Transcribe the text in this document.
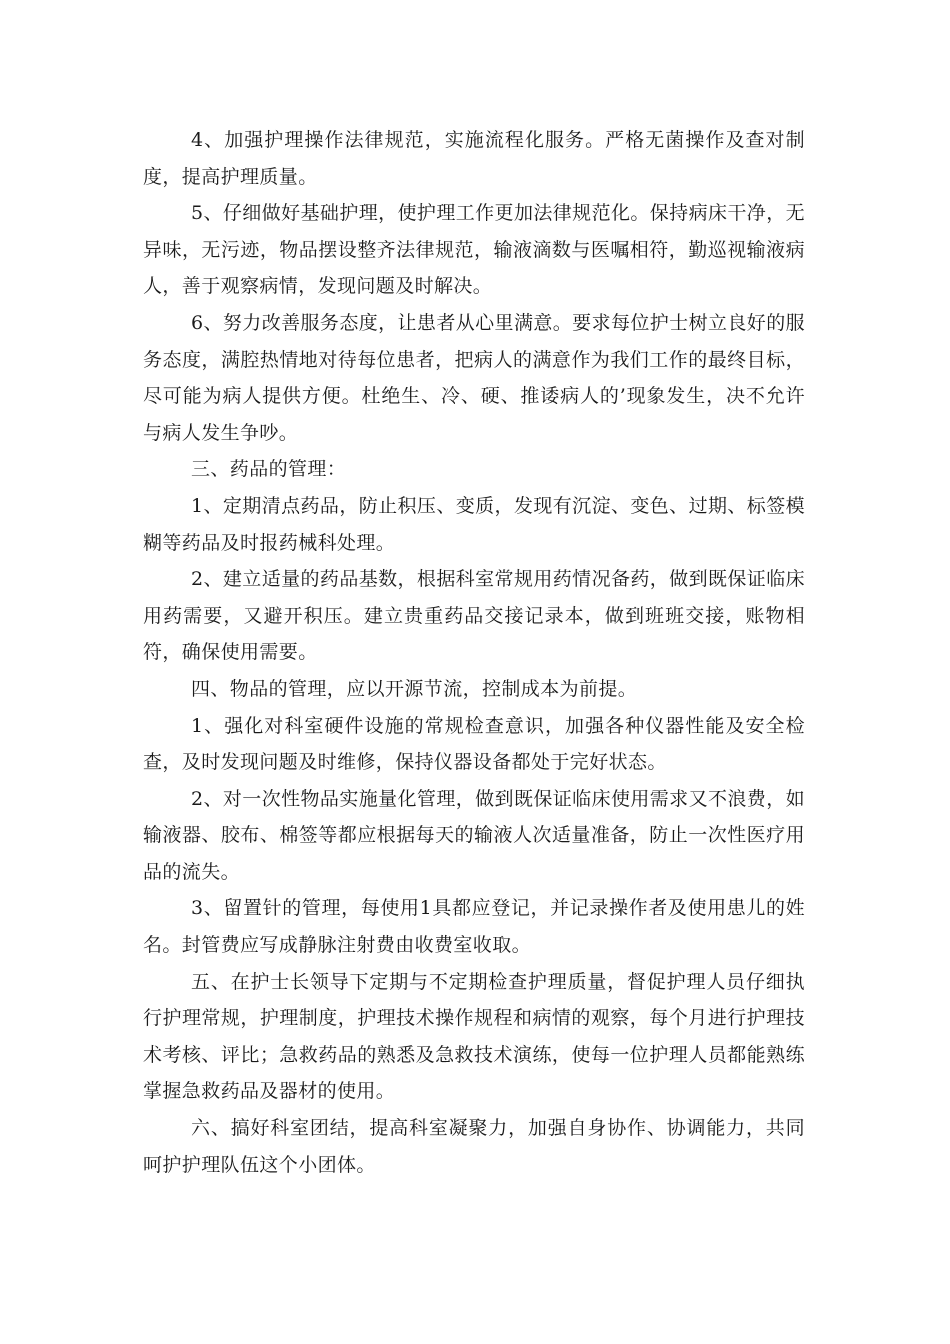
4、加强护理操作法律规范，实施流程化服务。严格无菌操作及查对制度，提高护理质量。

5、仔细做好基础护理，使护理工作更加法律规范化。保持病床干净，无异味，无污迹，物品摆设整齐法律规范，输液滴数与医嘱相符，勤巡视输液病人，善于观察病情，发现问题及时解决。

6、努力改善服务态度，让患者从心里满意。要求每位护士树立良好的服务态度，满腔热情地对待每位患者，把病人的满意作为我们工作的最终目标，尽可能为病人提供方便。杜绝生、冷、硬、推诿病人的’现象发生，决不允许与病人发生争吵。

三、药品的管理：

1、定期清点药品，防止积压、变质，发现有沉淀、变色、过期、标签模糊等药品及时报药械科处理。

2、建立适量的药品基数，根据科室常规用药情况备药，做到既保证临床用药需要，又避开积压。建立贵重药品交接记录本，做到班班交接，账物相符，确保使用需要。

四、物品的管理，应以开源节流，控制成本为前提。

1、强化对科室硬件设施的常规检查意识，加强各种仪器性能及安全检查，及时发现问题及时维修，保持仪器设备都处于完好状态。

2、对一次性物品实施量化管理，做到既保证临床使用需求又不浪费，如输液器、胶布、棉签等都应根据每天的输液人次适量准备，防止一次性医疗用品的流失。

3、留置针的管理，每使用1具都应登记，并记录操作者及使用患儿的姓名。封管费应写成静脉注射费由收费室收取。

五、在护士长领导下定期与不定期检查护理质量，督促护理人员仔细执行护理常规，护理制度，护理技术操作规程和病情的观察，每个月进行护理技术考核、评比；急救药品的熟悉及急救技术演练，使每一位护理人员都能熟练掌握急救药品及器材的使用。

六、搞好科室团结，提高科室凝聚力，加强自身协作、协调能力，共同呵护护理队伍这个小团体。
